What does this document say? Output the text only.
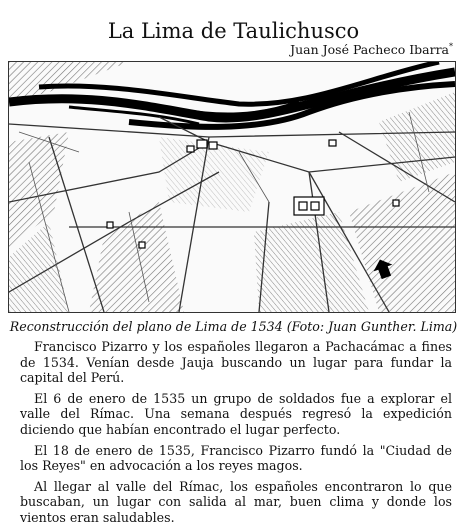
La Lima de Taulichusco
Juan José Pacheco Ibarra*
Reconstrucción del plano de Lima de 1534 (Foto: Juan Gunther. Lima)

Francisco Pizarro y los españoles llegaron a Pachacámac a fines de 1534. Venían desde Jauja buscando un lugar para fundar la capital del Perú.

El 6 de enero de 1535 un grupo de soldados fue a explorar el valle del Rímac. Una semana después regresó la expedición diciendo que habían encontrado el lugar perfecto.

El 18 de enero de 1535, Francisco Pizarro fundó la "Ciudad de los Reyes" en advocación a los reyes magos.

Al llegar al valle del Rímac, los españoles encontraron lo que buscaban, un lugar con salida al mar, buen clima y donde los vientos eran saludables.
